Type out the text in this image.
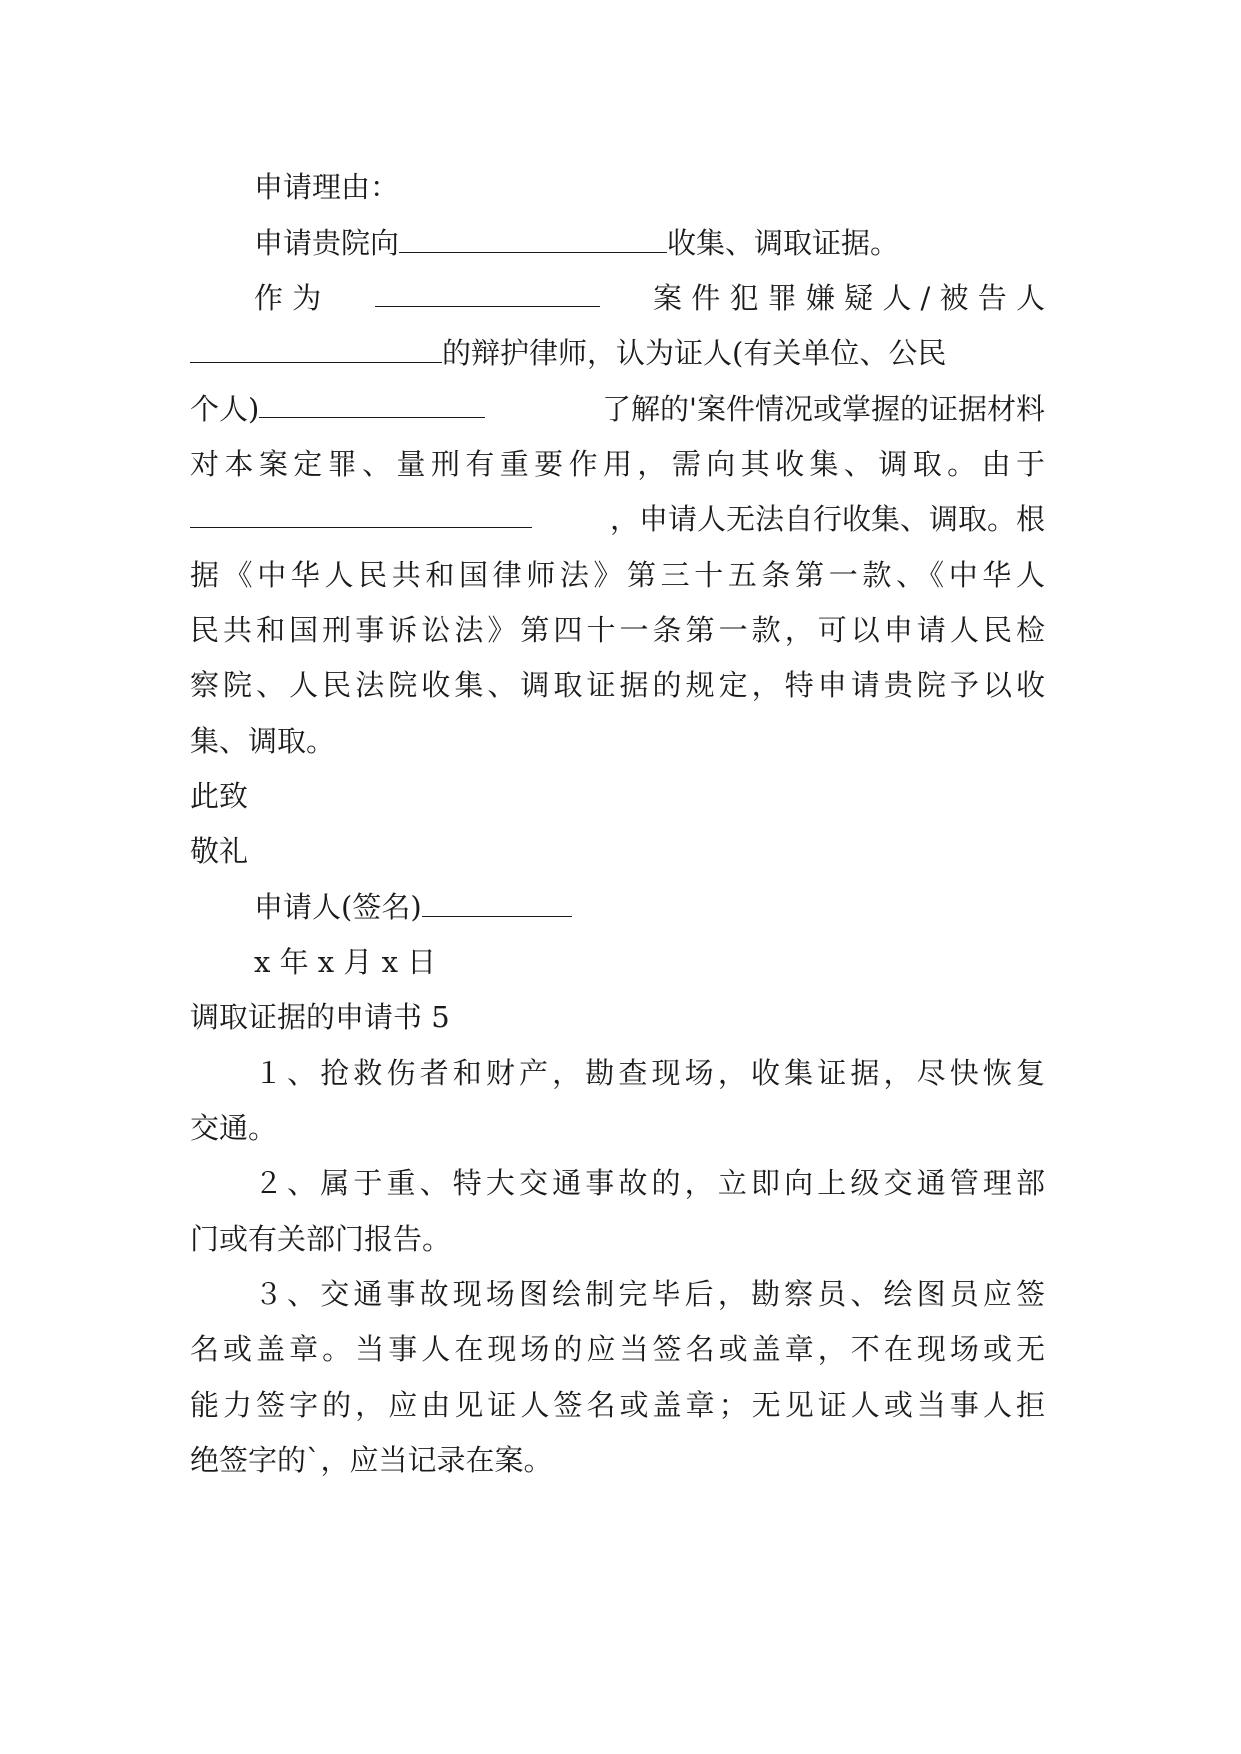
申请理由：
申请贵院向	收集、调取证据。
作 为	案 件 犯 罪 嫌 疑 人 / 被 告 人
的辩护律师，认为证人(有关单位、公民
个人)	了解的'案件情况或掌握的证据材料
对本案定罪、量刑有重要作用，需向其收集、调取。由于
，申请人无法自行收集、调取。根
据《中华人民共和国律师法》第三十五条第一款、《中华人
民共和国刑事诉讼法》第四十一条第一款，可以申请人民检
察院、人民法院收集、调取证据的规定，特申请贵院予以收
集、调取。
此致
敬礼
申请人(签名)
x 年 x 月 x 日
调取证据的申请书 5
１、抢救伤者和财产，勘查现场，收集证据，尽快恢复
交通。
２、属于重、特大交通事故的，立即向上级交通管理部
门或有关部门报告。
３、交通事故现场图绘制完毕后，勘察员、绘图员应签
名或盖章。当事人在现场的应当签名或盖章，不在现场或无
能力签字的，应由见证人签名或盖章；无见证人或当事人拒
绝签字的`，应当记录在案。
